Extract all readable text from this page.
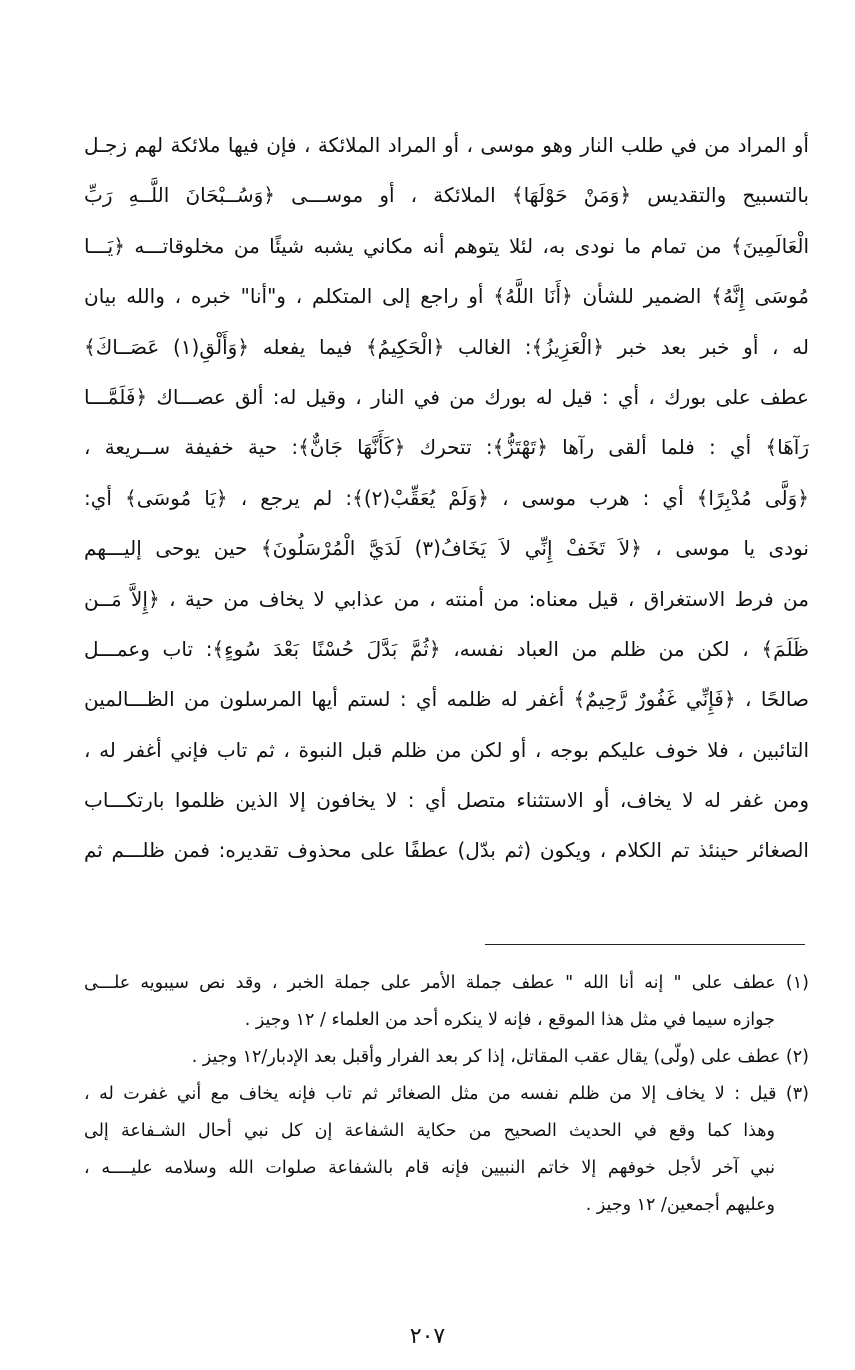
أو المراد من في طلب النار وهو موسى ، أو المراد الملائكة ، فإن فيها ملائكة لهم زجـل
بالتسبيح والتقديس ﴿وَمَنْ حَوْلَهَا﴾ الملائكة ، أو موســـى ﴿وَسُــبْحَانَ اللَّــهِ رَبِّ
الْعَالَمِينَ﴾ من تمام ما نودى به، لئلا يتوهم أنه مكاني يشبه شيئًا من مخلوقاتـــه ﴿يَـــا
مُوسَى إِنَّهُ﴾ الضمير للشأن ﴿أَنَا اللَّهُ﴾ أو راجع إلى المتكلم ، و"أنا" خبره ، والله بيان
له ، أو خبر بعد خبر ﴿الْعَزِيزُ﴾: الغالب ﴿الْحَكِيمُ﴾ فيما يفعله ﴿وَأَلْقِ(١) عَصَــاكَ﴾
عطف على بورك ، أي : قيل له بورك من في النار ، وقيل له: ألق عصـــاك ﴿فَلَمَّـــا
رَآهَا﴾ أي : فلما ألقى رآها ﴿تَهْتَزُّ﴾: تتحرك ﴿كَأَنَّهَا جَانٌّ﴾: حية خفيفة ســريعة ،
﴿وَلَّى مُدْبِرًا﴾ أي : هرب موسى ، ﴿وَلَمْ يُعَقِّبْ(٢)﴾: لم يرجع ، ﴿يَا مُوسَى﴾ أي:
نودى يا موسى ، ﴿لاَ تَخَفْ إِنِّي لاَ يَخَافُ(٣) لَدَيَّ الْمُرْسَلُونَ﴾ حين يوحى إليـــهم
من فرط الاستغراق ، قيل معناه: من أمنته ، من عذابي لا يخاف من حية ، ﴿إِلاَّ مَــن
ظَلَمَ﴾ ، لكن من ظلم من العباد نفسه، ﴿ثُمَّ بَدَّلَ حُسْنًا بَعْدَ سُوءٍ﴾: تاب وعمـــل
صالحًا ، ﴿فَإِنِّي غَفُورٌ رَّحِيمٌ﴾ أغفر له ظلمه أي : لستم أيها المرسلون من الظـــالمين
التائبين ، فلا خوف عليكم بوجه ، أو لكن من ظلم قبل النبوة ، ثم تاب فإني أغفر له ،
ومن غفر له لا يخاف، أو الاستثناء متصل أي : لا يخافون إلا الذين ظلموا بارتكـــاب
الصغائر حينئذ تم الكلام ، ويكون (ثم بدّل) عطفًا على محذوف تقديره: فمن ظلـــم ثم
(١) عطف على " إنه أنا الله " عطف جملة الأمر على جملة الخبر ، وقد نص سيبويه علـــى
جوازه سيما في مثل هذا الموقع ، فإنه لا ينكره أحد من العلماء / ١٢ وجيز .
(٢) عطف على (ولّى) يقال عقب المقاتل، إذا كر بعد الفرار وأقبل بعد الإدبار/١٢ وجيز .
(٣) قيل : لا يخاف إلا من ظلم نفسه من مثل الصغائر ثم تاب فإنه يخاف مع أني غفرت له ،
وهذا كما وقع في الحديث الصحيح من حكاية الشفاعة إن كل نبي أحال الشـفاعة إلى
نبي آخر لأجل خوفهم إلا خاتم النبيين فإنه قام بالشفاعة صلوات الله وسلامه عليــــه ،
وعليهم أجمعين/ ١٢ وجيز .
٢٠٧
